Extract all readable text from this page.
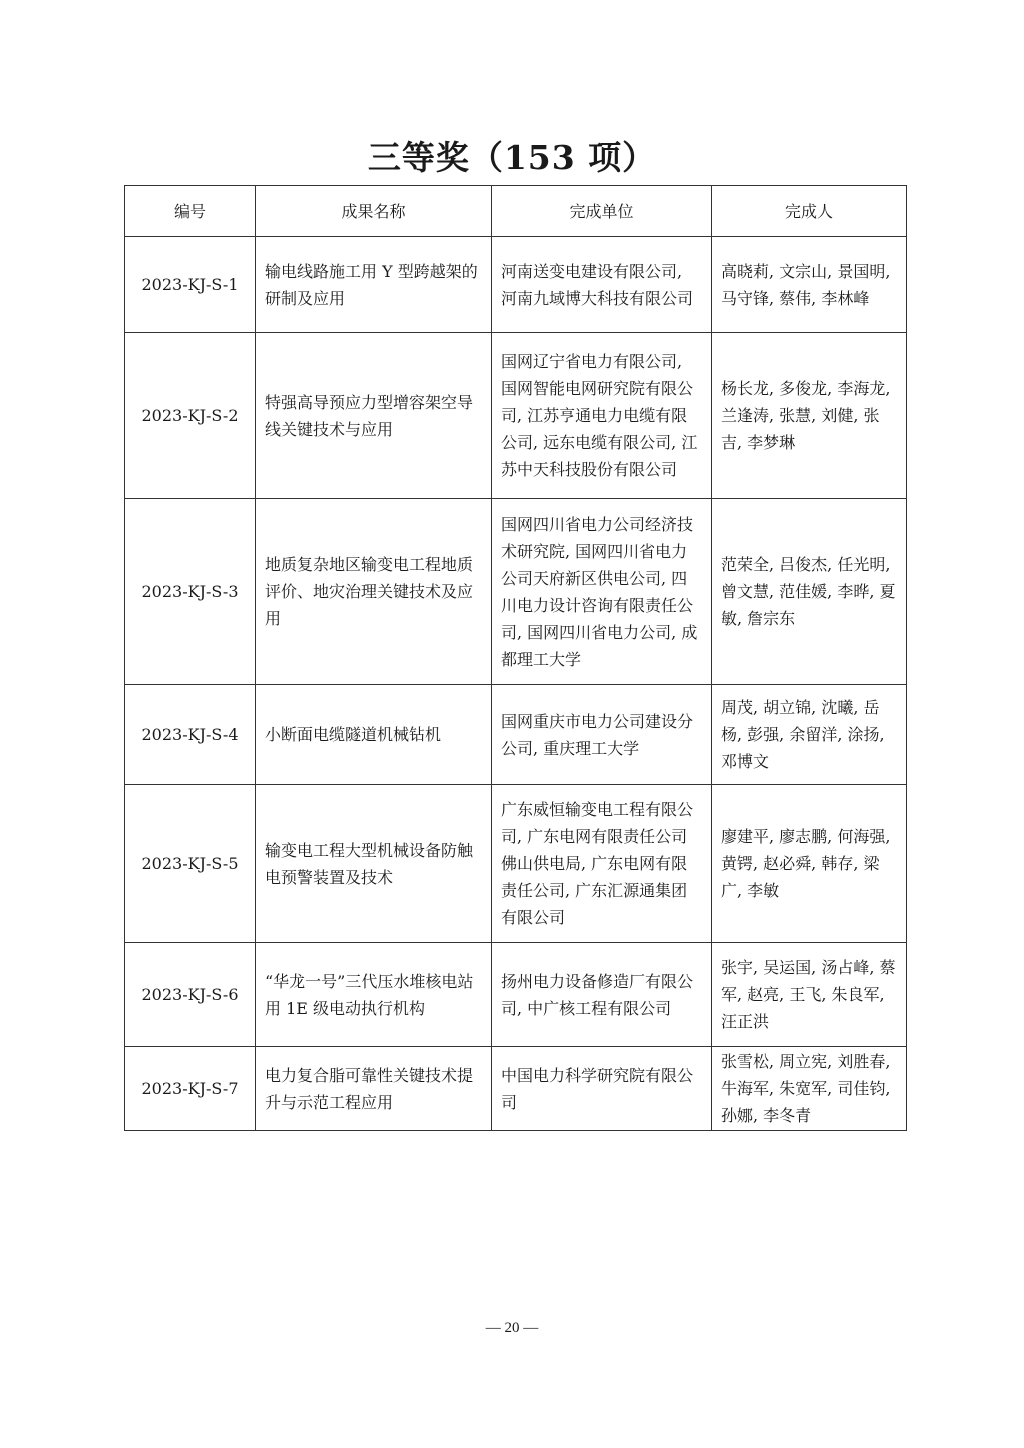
三等奖（153 项）
编号	成果名称	完成单位	完成人
2023-KJ-S-1	输电线路施工用 Y 型跨越架的研制及应用	河南送变电建设有限公司, 河南九域博大科技有限公司	高晓莉, 文宗山, 景国明, 马守锋, 蔡伟, 李林峰
2023-KJ-S-2	特强高导预应力型增容架空导线关键技术与应用	国网辽宁省电力有限公司, 国网智能电网研究院有限公司, 江苏亨通电力电缆有限公司, 远东电缆有限公司, 江苏中天科技股份有限公司	杨长龙, 多俊龙, 李海龙, 兰逢涛, 张慧, 刘健, 张吉, 李梦琳
2023-KJ-S-3	地质复杂地区输变电工程地质评价、地灾治理关键技术及应用	国网四川省电力公司经济技术研究院, 国网四川省电力公司天府新区供电公司, 四川电力设计咨询有限责任公司, 国网四川省电力公司, 成都理工大学	范荣全, 吕俊杰, 任光明, 曾文慧, 范佳媛, 李晔, 夏敏, 詹宗东
2023-KJ-S-4	小断面电缆隧道机械钻机	国网重庆市电力公司建设分公司, 重庆理工大学	周茂, 胡立锦, 沈曦, 岳杨, 彭强, 余留洋, 涂扬, 邓博文
2023-KJ-S-5	输变电工程大型机械设备防触电预警装置及技术	广东威恒输变电工程有限公司, 广东电网有限责任公司佛山供电局, 广东电网有限责任公司, 广东汇源通集团有限公司	廖建平, 廖志鹏, 何海强, 黄锷, 赵必舜, 韩存, 梁广, 李敏
2023-KJ-S-6	“华龙一号”三代压水堆核电站用 1E 级电动执行机构	扬州电力设备修造厂有限公司, 中广核工程有限公司	张宇, 吴运国, 汤占峰, 蔡军, 赵亮, 王飞, 朱良军, 汪正洪
2023-KJ-S-7	电力复合脂可靠性关键技术提升与示范工程应用	中国电力科学研究院有限公司	张雪松, 周立宪, 刘胜春, 牛海军, 朱宽军, 司佳钧, 孙娜, 李冬青
— 20 —
